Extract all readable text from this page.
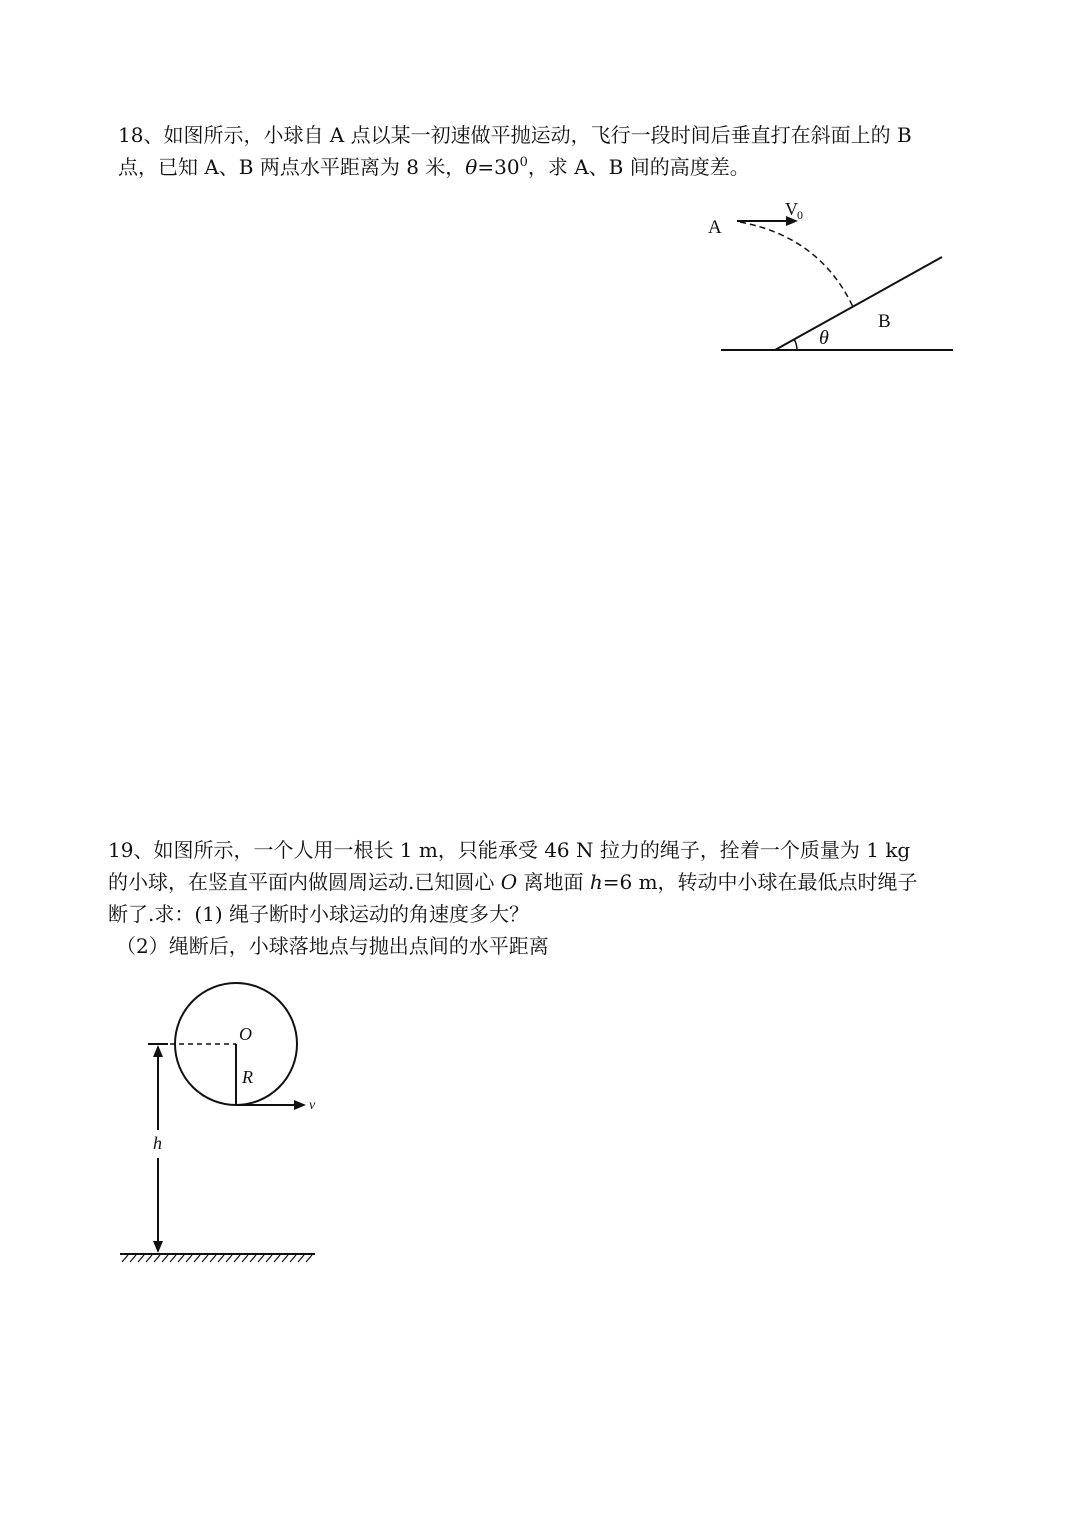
18、如图所示，小球自 A 点以某一初速做平抛运动，飞行一段时间后垂直打在斜面上的 B
点，已知 A、B 两点水平距离为 8 米，$\theta=30^0$，求 A、B 间的高度差。
A
V 0
B
θ
19、如图所示，一个人用一根长 1 m，只能承受 46 N 拉力的绳子，拴着一个质量为 1 kg
的小球，在竖直平面内做圆周运动.已知圆心 O 离地面 h=6 m，转动中小球在最低点时绳子
断了.求：(1) 绳子断时小球运动的角速度多大？
（2）绳断后，小球落地点与抛出点间的水平距离
O
R
v
h
